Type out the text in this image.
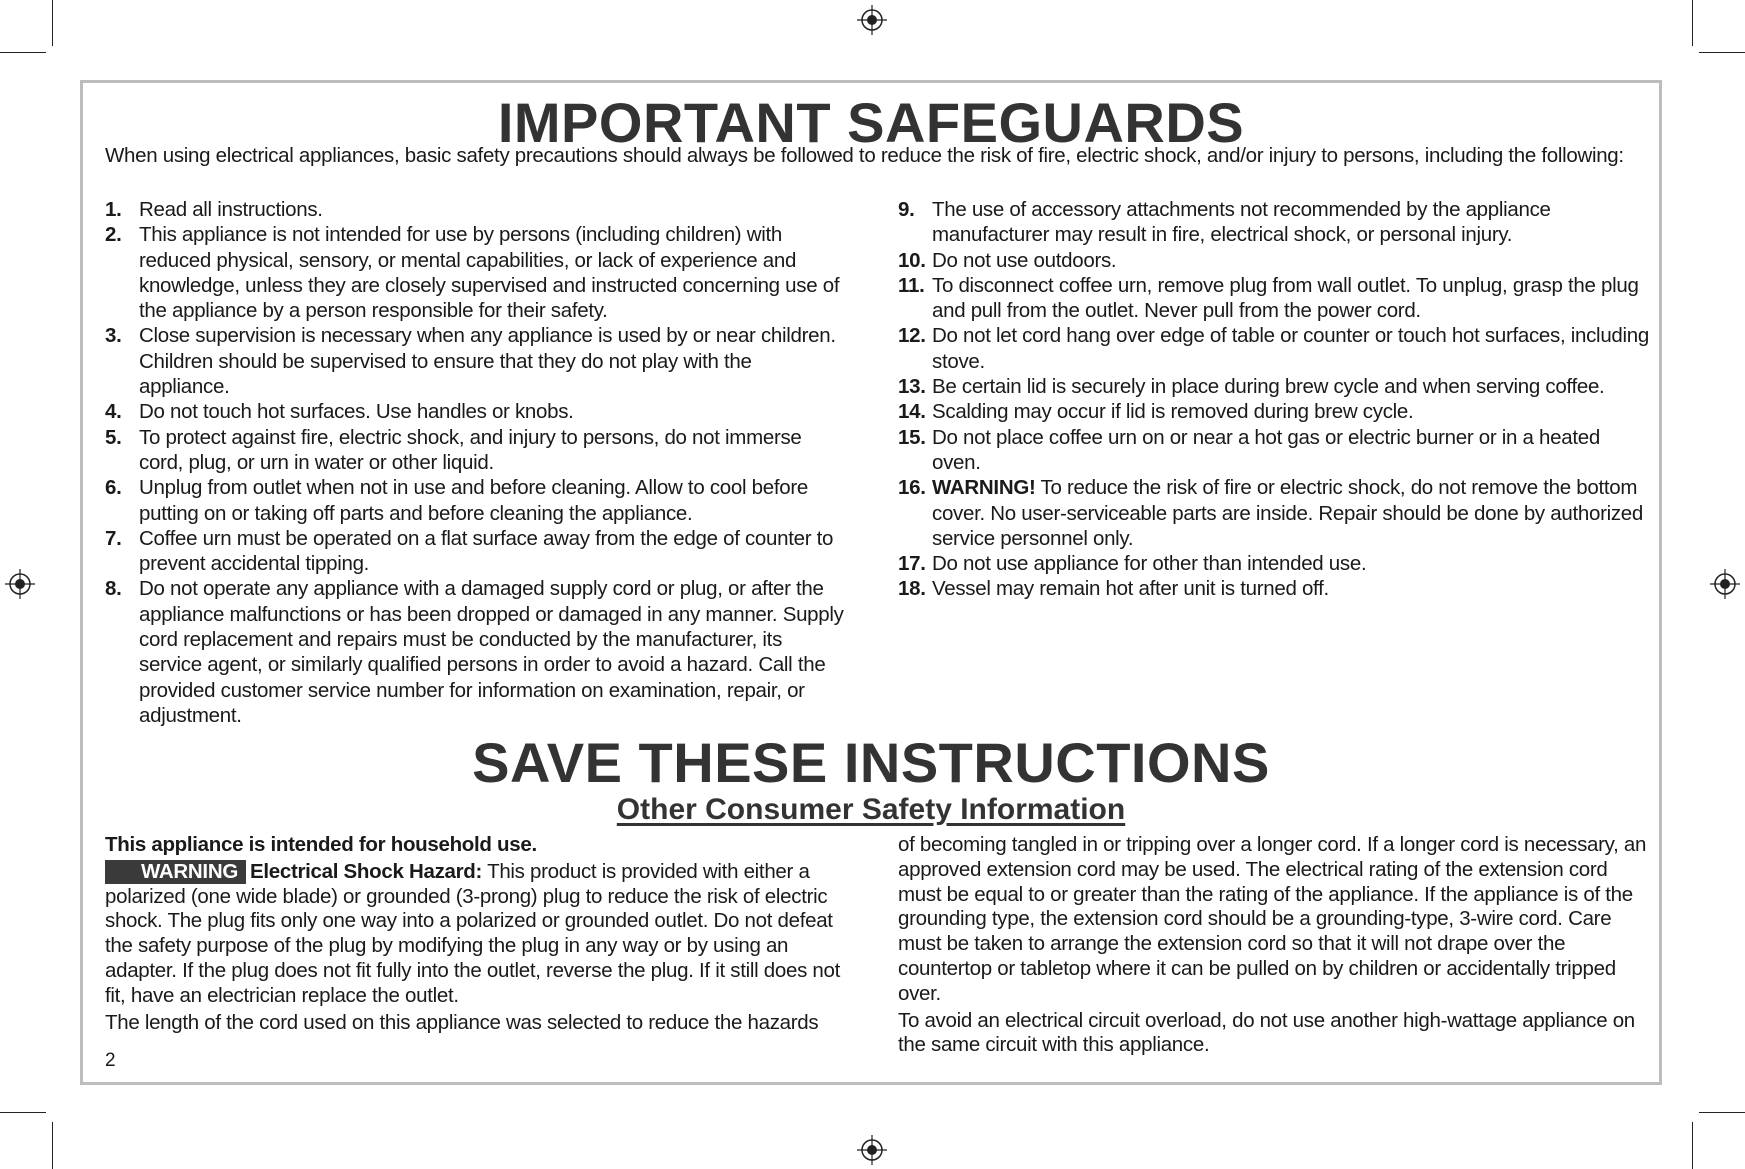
IMPORTANT SAFEGUARDS
When using electrical appliances, basic safety precautions should always be followed to reduce the risk of fire, electric shock, and/or injury to persons, including the following:
1. Read all instructions.
2. This appliance is not intended for use by persons (including children) with reduced physical, sensory, or mental capabilities, or lack of experience and knowledge, unless they are closely supervised and instructed concerning use of the appliance by a person responsible for their safety.
3. Close supervision is necessary when any appliance is used by or near children. Children should be supervised to ensure that they do not play with the appliance.
4. Do not touch hot surfaces. Use handles or knobs.
5. To protect against fire, electric shock, and injury to persons, do not immerse cord, plug, or urn in water or other liquid.
6. Unplug from outlet when not in use and before cleaning. Allow to cool before putting on or taking off parts and before cleaning the appliance.
7. Coffee urn must be operated on a flat surface away from the edge of counter to prevent accidental tipping.
8. Do not operate any appliance with a damaged supply cord or plug, or after the appliance malfunctions or has been dropped or damaged in any manner. Supply cord replacement and repairs must be conducted by the manufacturer, its service agent, or similarly qualified persons in order to avoid a hazard. Call the provided customer service number for information on examination, repair, or adjustment.
9. The use of accessory attachments not recommended by the appliance manufacturer may result in fire, electrical shock, or personal injury.
10. Do not use outdoors.
11. To disconnect coffee urn, remove plug from wall outlet. To unplug, grasp the plug and pull from the outlet. Never pull from the power cord.
12. Do not let cord hang over edge of table or counter or touch hot surfaces, including stove.
13. Be certain lid is securely in place during brew cycle and when serving coffee.
14. Scalding may occur if lid is removed during brew cycle.
15. Do not place coffee urn on or near a hot gas or electric burner or in a heated oven.
16. WARNING! To reduce the risk of fire or electric shock, do not remove the bottom cover. No user-serviceable parts are inside. Repair should be done by authorized service personnel only.
17. Do not use appliance for other than intended use.
18. Vessel may remain hot after unit is turned off.
SAVE THESE INSTRUCTIONS
Other Consumer Safety Information

This appliance is intended for household use.

WARNING Electrical Shock Hazard: This product is provided with either a polarized (one wide blade) or grounded (3-prong) plug to reduce the risk of electric shock. The plug fits only one way into a polarized or grounded outlet. Do not defeat the safety purpose of the plug by modifying the plug in any way or by using an adapter. If the plug does not fit fully into the outlet, reverse the plug. If it still does not fit, have an electrician replace the outlet.

The length of the cord used on this appliance was selected to reduce the hazards

of becoming tangled in or tripping over a longer cord. If a longer cord is necessary, an approved extension cord may be used. The electrical rating of the extension cord must be equal to or greater than the rating of the appliance. If the appliance is of the grounding type, the extension cord should be a grounding-type, 3-wire cord. Care must be taken to arrange the extension cord so that it will not drape over the countertop or tabletop where it can be pulled on by children or accidentally tripped over.

To avoid an electrical circuit overload, do not use another high-wattage appliance on the same circuit with this appliance.

2
